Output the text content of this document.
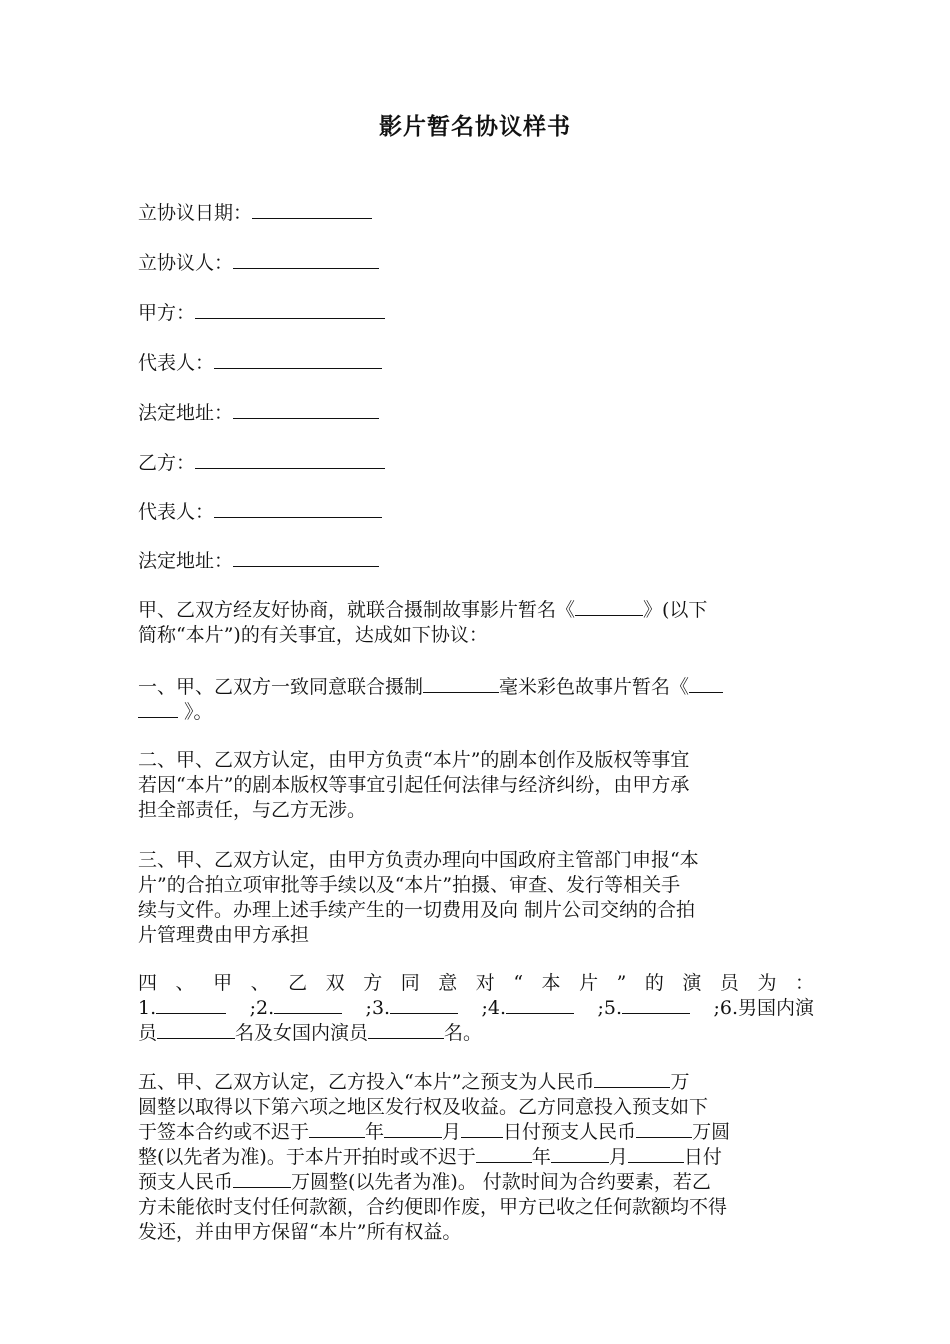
影片暂名协议样书
立协议日期：
立协议人：
甲方：
代表人：
法定地址：
乙方：
代表人：
法定地址：
甲、乙双方经友好协商，就联合摄制故事影片暂名《	》(以下
简称“本片”)的有关事宜，达成如下协议：
一、甲、乙双方一致同意联合摄制	毫米彩色故事片暂名《
》。
二、甲、乙双方认定，由甲方负责“本片”的剧本创作及版权等事宜
若因“本片”的剧本版权等事宜引起任何法律与经济纠纷，由甲方承
担全部责任，与乙方无涉。
三、甲、乙双方认定，由甲方负责办理向中国政府主管部门申报“本
片”的合拍立项审批等手续以及“本片”拍摄、审查、发行等相关手
续与文件。办理上述手续产生的一切费用及向 制片公司交纳的合拍
片管理费由甲方承担
四 、 甲 、 乙 双 方 同 意 对 “ 本 片 ” 的 演 员 为 ：
1.	;2.	;3.	;4.	;5.	;6.男国内演
员	名及女国内演员	名。
五、甲、乙双方认定，乙方投入“本片”之预支为人民币	万
圆整以取得以下第六项之地区发行权及收益。乙方同意投入预支如下
于签本合约或不迟于	年	月 日付预支人民币	万圆
整(以先者为准)。于本片开拍时或不迟于	年	月	日付
预支人民币	万圆整(以先者为准)。 付款时间为合约要素，若乙
方未能依时支付任何款额，合约便即作废，甲方已收之任何款额均不得
发还，并由甲方保留“本片”所有权益。
